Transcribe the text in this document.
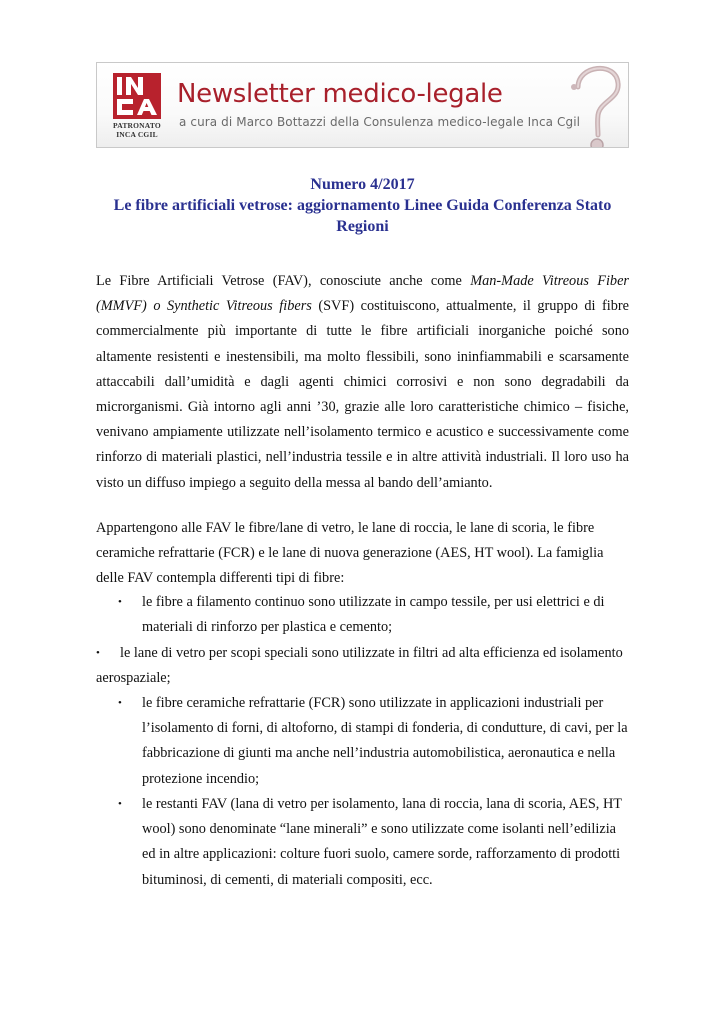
PATRONATO
INCA CGIL
Newsletter medico-legale
a cura di Marco Bottazzi della Consulenza medico-legale Inca Cgil
Numero 4/2017
Le fibre artificiali vetrose: aggiornamento Linee Guida Conferenza Stato
Regioni
Le Fibre Artificiali Vetrose (FAV), conosciute anche come Man-Made Vitreous Fiber (MMVF) o Synthetic Vitreous fibers (SVF) costituiscono, attualmente, il gruppo di fibre commercialmente più importante di tutte le fibre artificiali inorganiche poiché sono altamente resistenti e inestensibili, ma molto flessibili, sono ininfiammabili e scarsamente attaccabili dall’umidità e dagli agenti chimici corrosivi e non sono degradabili da microrganismi. Già intorno agli anni ’30, grazie alle loro caratteristiche chimico – fisiche, venivano ampiamente utilizzate nell’isolamento termico e acustico e successivamente come rinforzo di materiali plastici, nell’industria tessile e in altre attività industriali. Il loro uso ha visto un diffuso impiego a seguito della messa al bando dell’amianto.
Appartengono alle FAV le fibre/lane di vetro, le lane di roccia, le lane di scoria, le fibre ceramiche refrattarie (FCR) e le lane di nuova generazione (AES, HT wool). La famiglia delle FAV contempla differenti tipi di fibre:
•	le fibre a filamento continuo sono utilizzate in campo tessile, per usi elettrici e di materiali di rinforzo per plastica e cemento;
•	le lane di vetro per scopi speciali sono utilizzate in filtri ad alta efficienza ed isolamento aerospaziale;
•	le fibre ceramiche refrattarie (FCR) sono utilizzate in applicazioni industriali per l’isolamento di forni, di altoforno, di stampi di fonderia, di condutture, di cavi, per la fabbricazione di giunti ma anche nell’industria automobilistica, aeronautica e nella protezione incendio;
•	le restanti FAV (lana di vetro per isolamento, lana di roccia, lana di scoria, AES, HT wool) sono denominate “lane minerali” e sono utilizzate come isolanti nell’edilizia ed in altre applicazioni: colture fuori suolo, camere sorde, rafforzamento di prodotti bituminosi, di cementi, di materiali compositi, ecc.
